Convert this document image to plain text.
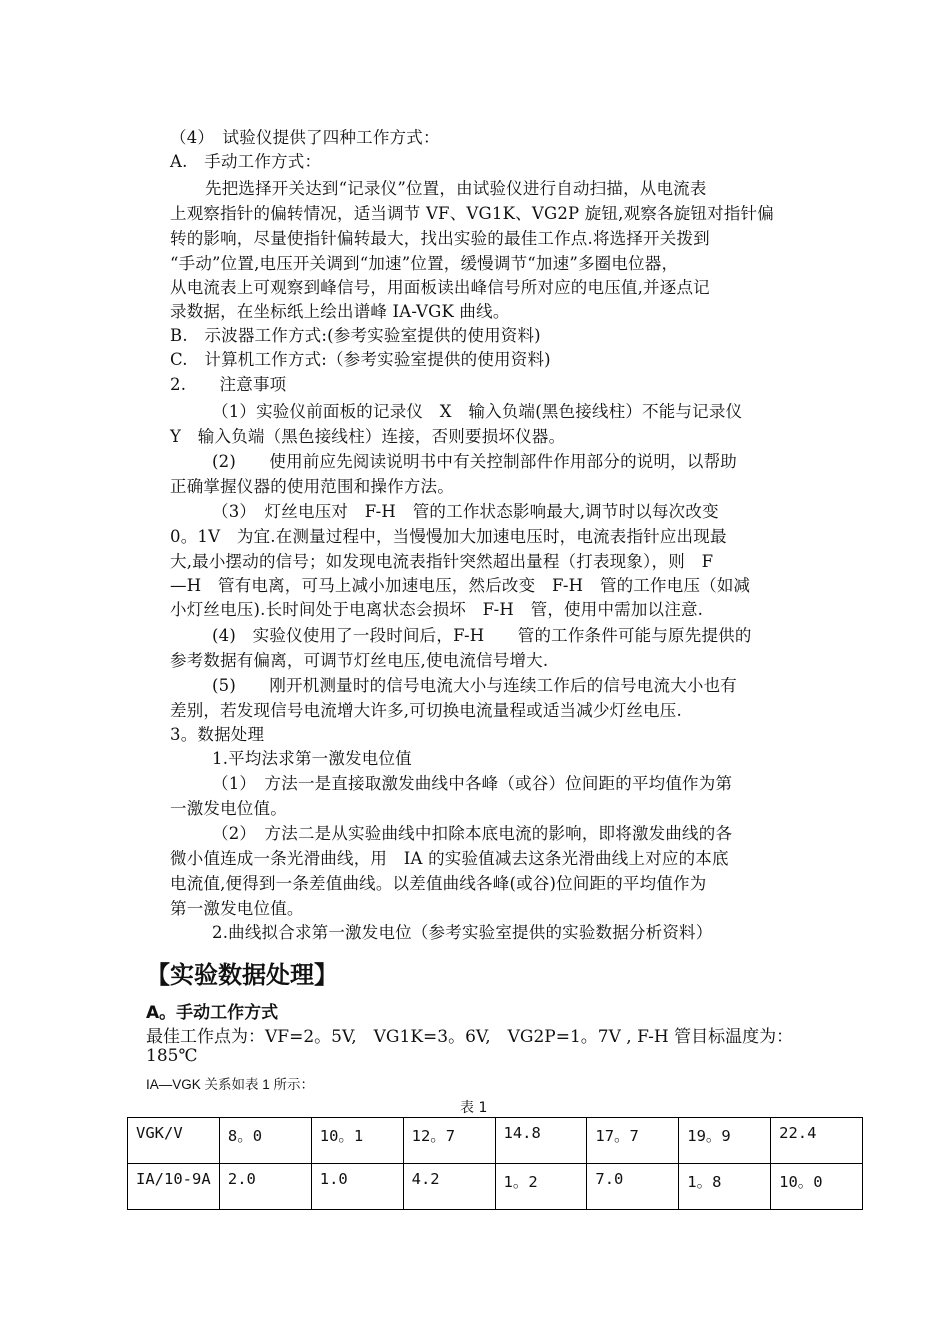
（4）　试验仪提供了四种工作方式：
A.　手动工作方式：
先把选择开关达到“记录仪”位置，由试验仪进行自动扫描，从电流表
上观察指针的偏转情况，适当调节 VF、VG1K、VG2P 旋钮,观察各旋钮对指针偏
转的影响，尽量使指针偏转最大，找出实验的最佳工作点.将选择开关拨到
“手动”位置,电压开关调到“加速”位置，缓慢调节“加速”多圈电位器，
从电流表上可观察到峰信号，用面板读出峰信号所对应的电压值,并逐点记
录数据，在坐标纸上绘出谱峰 IA-VGK 曲线。
B.　示波器工作方式:(参考实验室提供的使用资料)
C.　计算机工作方式:（参考实验室提供的使用资料)
2.　　注意事项
（1）实验仪前面板的记录仪　X　输入负端(黑色接线柱）不能与记录仪
Y　输入负端（黑色接线柱）连接，否则要损坏仪器。
(2)　　使用前应先阅读说明书中有关控制部件作用部分的说明，以帮助
正确掌握仪器的使用范围和操作方法。
（3）　灯丝电压对　F-H　管的工作状态影响最大,调节时以每次改变
0。1V　为宜.在测量过程中，当慢慢加大加速电压时，电流表指针应出现最
大,最小摆动的信号；如发现电流表指针突然超出量程（打表现象），则　F
—H　管有电离，可马上减小加速电压，然后改变　F-H　管的工作电压（如减
小灯丝电压).长时间处于电离状态会损坏　F-H　管，使用中需加以注意.
(4)　实验仪使用了一段时间后，F-H　　管的工作条件可能与原先提供的
参考数据有偏离，可调节灯丝电压,使电流信号增大.
(5)　　刚开机测量时的信号电流大小与连续工作后的信号电流大小也有
差别，若发现信号电流增大许多,可切换电流量程或适当减少灯丝电压.
3。数据处理
1.平均法求第一激发电位值
（1）　方法一是直接取激发曲线中各峰（或谷）位间距的平均值作为第
一激发电位值。
（2）　方法二是从实验曲线中扣除本底电流的影响，即将激发曲线的各
微小值连成一条光滑曲线，用　IA 的实验值减去这条光滑曲线上对应的本底
电流值,便得到一条差值曲线。以差值曲线各峰(或谷)位间距的平均值作为
第一激发电位值。
2.曲线拟合求第一激发电位（参考实验室提供的实验数据分析资料）
【实验数据处理】
A。手动工作方式
最佳工作点为：VF=2。5V,　VG1K=3。6V,　VG2P=1。7V , F-H 管目标温度为：
185℃
IA—VGK 关系如表 1 所示：
表 1
VGK/V	8。0	10。1	12。7	14.8	17。7	19。9	22.4
IA/10-9A	2.0	1.0	4.2	1。2	7.0	1。8	10。0
